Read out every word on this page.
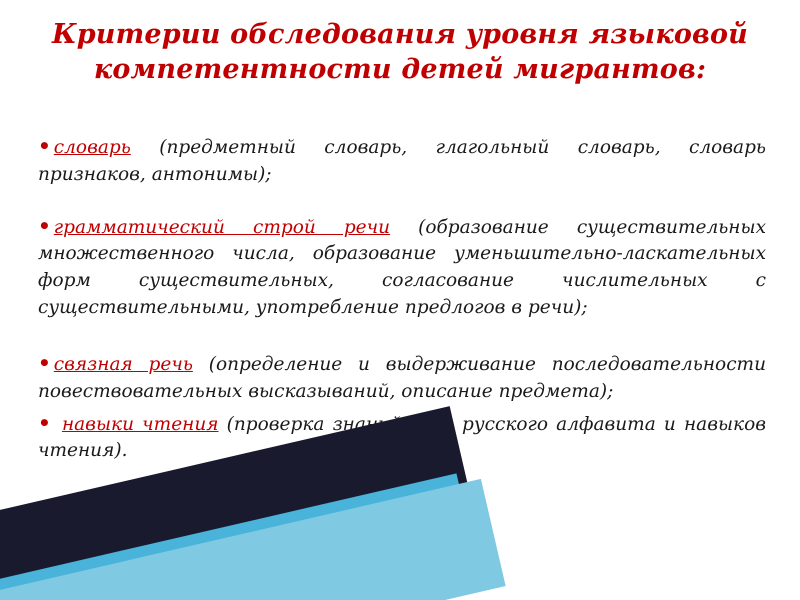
Критерии обследования уровня языковой компетентности детей мигрантов:
• словарь (предметный словарь, глагольный словарь, словарь признаков, антонимы);
• грамматический строй речи (образование существительных множественного числа, образование уменьшительно-ласкательных форм существительных, согласование числительных с существительными, употребление предлогов в речи);
• связная речь (определение и выдерживание последовательности повествовательных высказываний, описание предмета);
• навыки чтения (проверка знаний букв русского алфавита и навыков чтения).
